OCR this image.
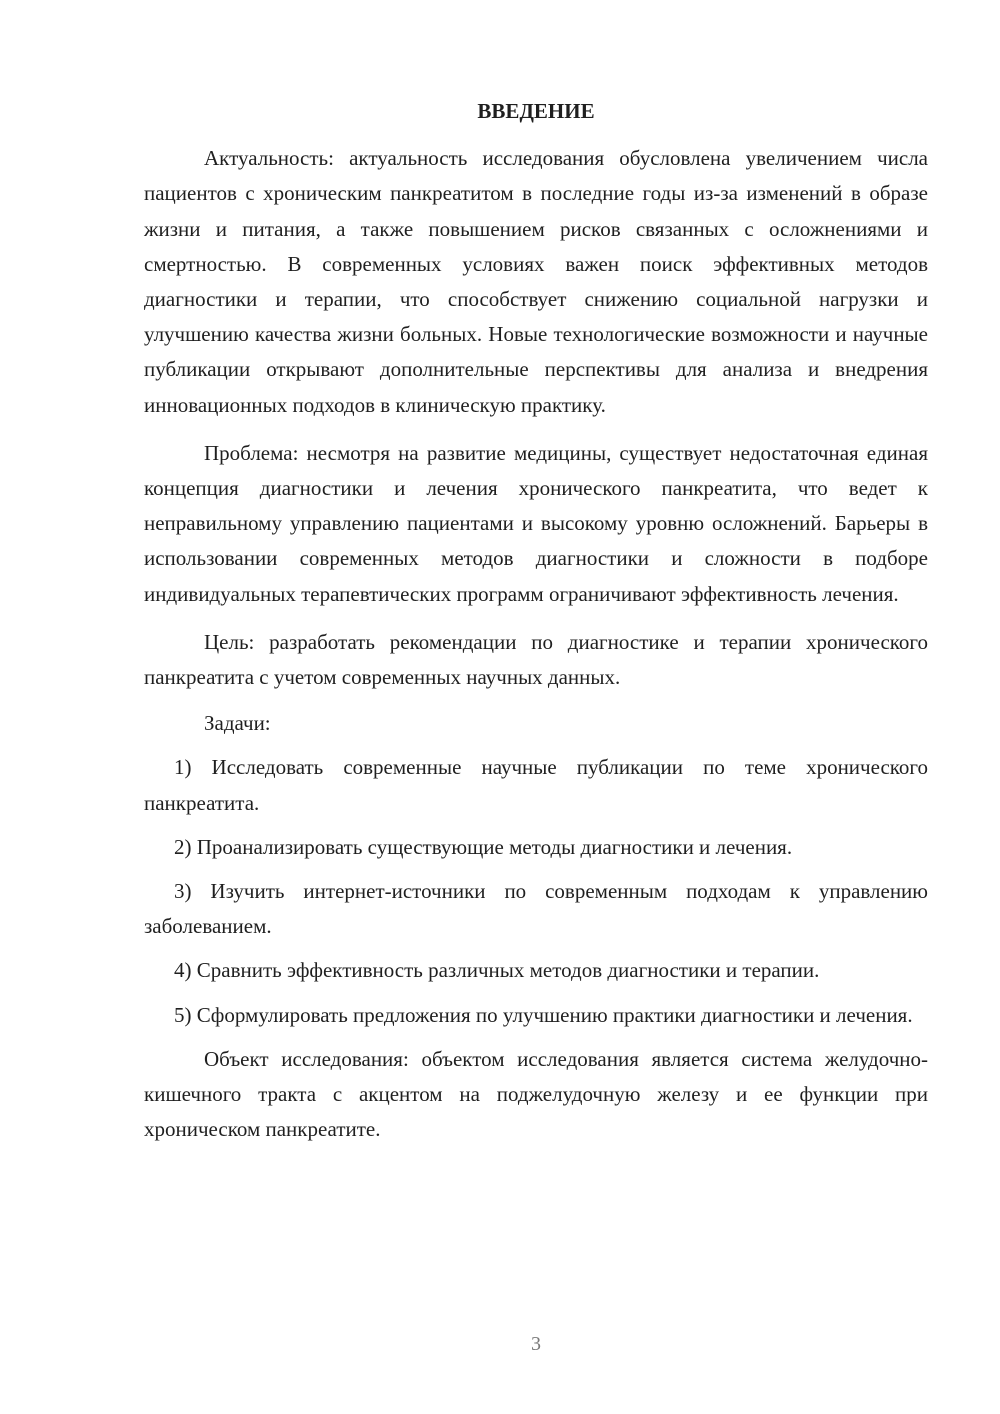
ВВЕДЕНИЕ

Актуальность: актуальность исследования обусловлена увеличением числа пациентов с хроническим панкреатитом в последние годы из-за изменений в образе жизни и питания, а также повышением рисков связанных с осложнениями и смертностью. В современных условиях важен поиск эффективных методов диагностики и терапии, что способствует снижению социальной нагрузки и улучшению качества жизни больных. Новые технологические возможности и научные публикации открывают дополнительные перспективы для анализа и внедрения инновационных подходов в клиническую практику.

Проблема: несмотря на развитие медицины, существует недостаточная единая концепция диагностики и лечения хронического панкреатита, что ведет к неправильному управлению пациентами и высокому уровню осложнений. Барьеры в использовании современных методов диагностики и сложности в подборе индивидуальных терапевтических программ ограничивают эффективность лечения.

Цель: разработать рекомендации по диагностике и терапии хронического панкреатита с учетом современных научных данных.

Задачи:

1) Исследовать современные научные публикации по теме хронического панкреатита.

2) Проанализировать существующие методы диагностики и лечения.

3) Изучить интернет-источники по современным подходам к управлению заболеванием.

4) Сравнить эффективность различных методов диагностики и терапии.

5) Сформулировать предложения по улучшению практики диагностики и лечения.

Объект исследования: объектом исследования является система желудочно-кишечного тракта с акцентом на поджелудочную железу и ее функции при хроническом панкреатите.

3
